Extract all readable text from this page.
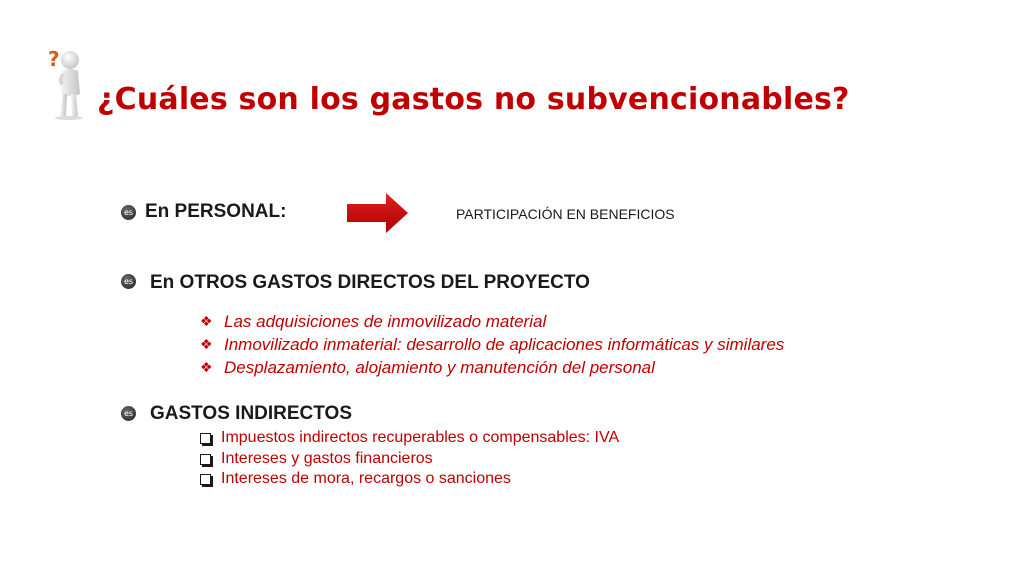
?
¿Cuáles son los gastos no subvencionables?
es En PERSONAL:	PARTICIPACIÓN EN BENEFICIOS
es En OTROS GASTOS DIRECTOS DEL PROYECTO
❖ Las adquisiciones de inmovilizado material
❖ Inmovilizado inmaterial: desarrollo de aplicaciones informáticas y similares
❖ Desplazamiento, alojamiento y manutención del personal
es GASTOS INDIRECTOS
Impuestos indirectos recuperables o compensables: IVA
Intereses y gastos financieros
Intereses de mora, recargos o sanciones
